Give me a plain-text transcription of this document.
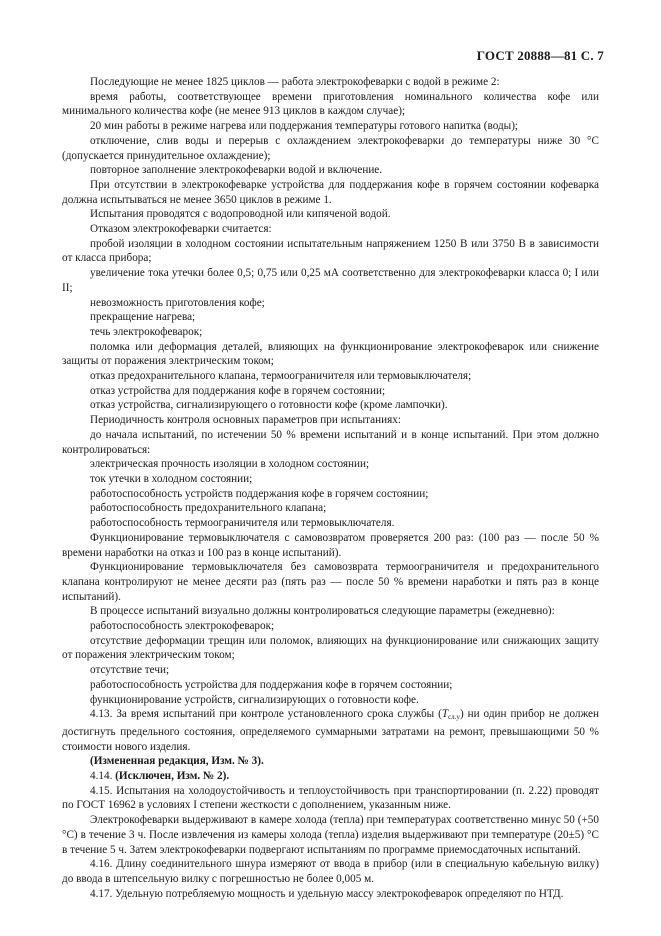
ГОСТ 20888—81 С. 7

Последующие не менее 1825 циклов — работа электрокофеварки с водой в режиме 2:

время работы, соответствующее времени приготовления номинального количества кофе или минимального количества кофе (не менее 913 циклов в каждом случае);

20 мин работы в режиме нагрева или поддержания температуры готового напитка (воды);

отключение, слив воды и перерыв с охлаждением электрокофеварки до температуры ниже 30 °С (допускается принудительное охлаждение);

повторное заполнение электрокофеварки водой и включение.

При отсутствии в электрокофеварке устройства для поддержания кофе в горячем состоянии кофеварка должна испытываться не менее 3650 циклов в режиме 1.

Испытания проводятся с водопроводной или кипяченой водой.

Отказом электрокофеварки считается:

пробой изоляции в холодном состоянии испытательным напряжением 1250 В или 3750 В в зависимости от класса прибора;

увеличение тока утечки более 0,5; 0,75 или 0,25 мА соответственно для электрокофеварки класса 0; I или II;

невозможность приготовления кофе;

прекращение нагрева;

течь электрокофеварок;

поломка или деформация деталей, влияющих на функционирование электрокофеварок или снижение защиты от поражения электрическим током;

отказ предохранительного клапана, термоограничителя или термовыключателя;

отказ устройства для поддержания кофе в горячем состоянии;

отказ устройства, сигнализирующего о готовности кофе (кроме лампочки).

Периодичность контроля основных параметров при испытаниях:

до начала испытаний, по истечении 50 % времени испытаний и в конце испытаний. При этом должно контролироваться:

электрическая прочность изоляции в холодном состоянии;

ток утечки в холодном состоянии;

работоспособность устройств поддержания кофе в горячем состоянии;

работоспособность предохранительного клапана;

работоспособность термоограничителя или термовыключателя.

Функционирование термовыключателя с самовозвратом проверяется 200 раз: (100 раз — после 50 % времени наработки на отказ и 100 раз в конце испытаний).

Функционирование термовыключателя без самовозврата термоограничителя и предохранительного клапана контролируют не менее десяти раз (пять раз — после 50 % времени наработки и пять раз в конце испытаний).

В процессе испытаний визуально должны контролироваться следующие параметры (ежедневно):

работоспособность электрокофеварок;

отсутствие деформации трещин или поломок, влияющих на функционирование или снижающих защиту от поражения электрическим током;

отсутствие течи;

работоспособность устройства для поддержания кофе в горячем состоянии;

функционирование устройств, сигнализирующих о готовности кофе.

4.13. За время испытаний при контроле установленного срока службы $(T_{сл.у})$ ни один прибор не должен достигнуть предельного состояния, определяемого суммарными затратами на ремонт, превышающими 50 % стоимости нового изделия.

(Измененная редакция, Изм. № 3).

4.14. (Исключен, Изм. № 2).

4.15. Испытания на холодоустойчивость и теплоустойчивость при транспортировании (п. 2.22) проводят по ГОСТ 16962 в условиях I степени жесткости с дополнением, указанным ниже.

Электрокофеварки выдерживают в камере холода (тепла) при температурах соответственно минус 50 (+50 °С) в течение 3 ч. После извлечения из камеры холода (тепла) изделия выдерживают при температуре (20±5) °С в течение 5 ч. Затем электрокофеварки подвергают испытаниям по программе приемосдаточных испытаний.

4.16. Длину соединительного шнура измеряют от ввода в прибор (или в специальную кабельную вилку) до ввода в штепсельную вилку с погрешностью не более 0,005 м.

4.17. Удельную потребляемую мощность и удельную массу электрокофеварок определяют по НТД.
